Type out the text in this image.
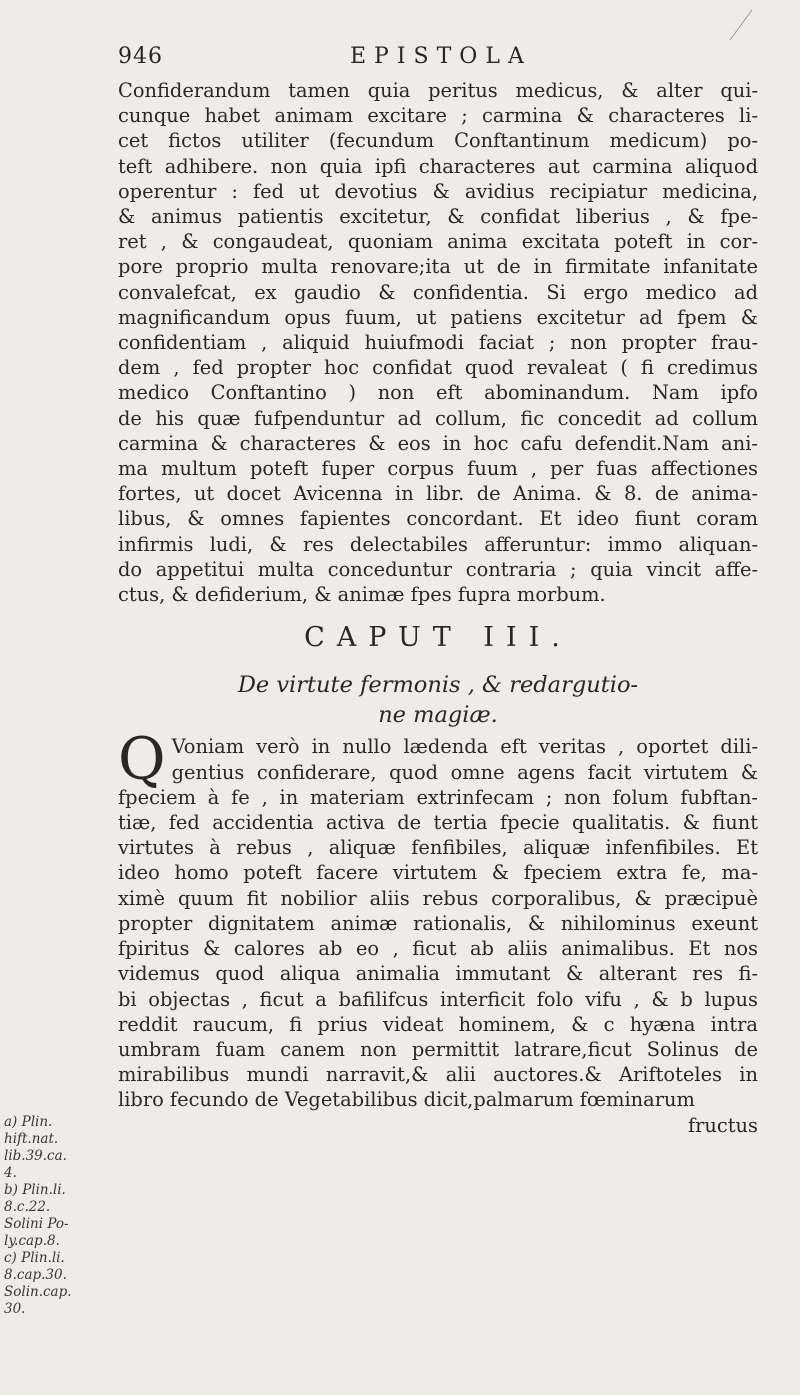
946	EPISTOLA

Confiderandum tamen quia peritus medicus, & alter qui-
cunque habet animam excitare ; carmina & characteres li-
cet fictos utiliter (fecundum Conftantinum medicum) po-
teft adhibere. non quia ipfi characteres aut carmina aliquod
operentur : fed ut devotius & avidius recipiatur medicina,
& animus patientis excitetur, & confidat liberius , & fpe-
ret , & congaudeat, quoniam anima excitata poteft in cor-
pore proprio multa renovare;ita ut de in firmitate infanitate
convalefcat, ex gaudio & confidentia. Si ergo medico ad
magnificandum opus fuum, ut patiens excitetur ad fpem &
confidentiam , aliquid huiufmodi faciat ; non propter frau-
dem , fed propter hoc confidat quod revaleat ( fi credimus
medico Conftantino ) non eft abominandum. Nam ipfo
de his quæ fufpenduntur ad collum, fic concedit ad collum
carmina & characteres & eos in hoc cafu defendit.Nam ani-
ma multum poteft fuper corpus fuum , per fuas affectiones
fortes, ut docet Avicenna in libr. de Anima. & 8. de anima-
libus, & omnes fapientes concordant. Et ideo fiunt coram
infirmis ludi, & res delectabiles afferuntur: immo aliquan-
do appetitui multa conceduntur contraria ; quia vincit affe-
ctus, & defiderium, & animæ fpes fupra morbum.

CAPUT III.
De virtute fermonis , & redargutio-
ne magiæ.

Q Voniam verò in nullo lædenda eft veritas , oportet dili-
gentius confiderare, quod omne agens facit virtutem &
fpeciem à fe , in materiam extrinfecam ; non folum fubftan-
tiæ, fed accidentia activa de tertia fpecie qualitatis. & fiunt
virtutes à rebus , aliquæ fenfibiles, aliquæ infenfibiles. Et
ideo homo poteft facere virtutem & fpeciem extra fe, ma-
ximè quum fit nobilior aliis rebus corporalibus, & præcipuè
propter dignitatem animæ rationalis, & nihilominus exeunt
fpiritus & calores ab eo , ficut ab aliis animalibus. Et nos
videmus quod aliqua animalia immutant & alterant res fi-
bi objectas , ficut a bafilifcus interficit folo vifu , & b lupus
reddit raucum, fi prius videat hominem, & c hyæna intra
umbram fuam canem non permittit latrare,ficut Solinus de
mirabilibus mundi narravit,& alii auctores.& Ariftoteles in
libro fecundo de Vegetabilibus dicit,palmarum fœminarum

fructus
a) Plin.
hift.nat.
lib.39.ca.
4.
b) Plin.li.
8.c.22.
Solini Po-
ly.cap.8.
c) Plin.li.
8.cap.30.
Solin.cap.
30.
